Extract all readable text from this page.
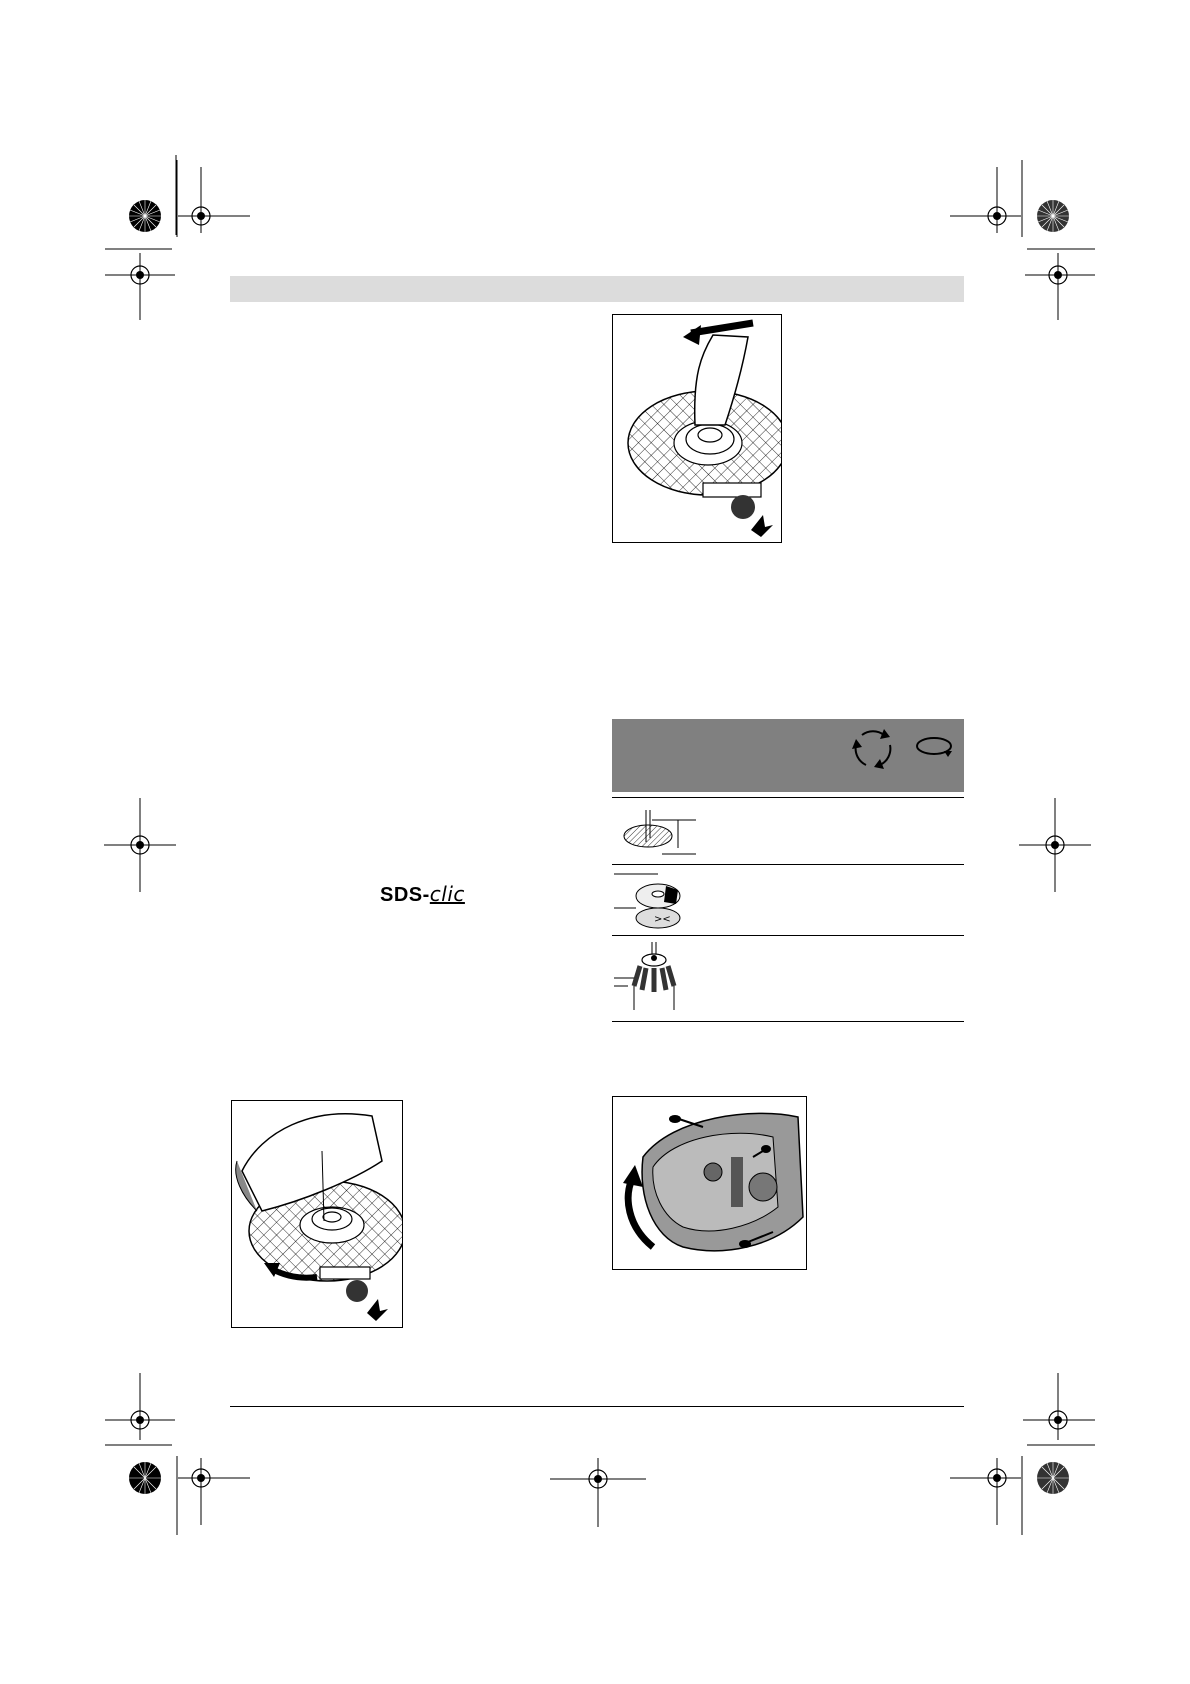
><
SDS-clic
